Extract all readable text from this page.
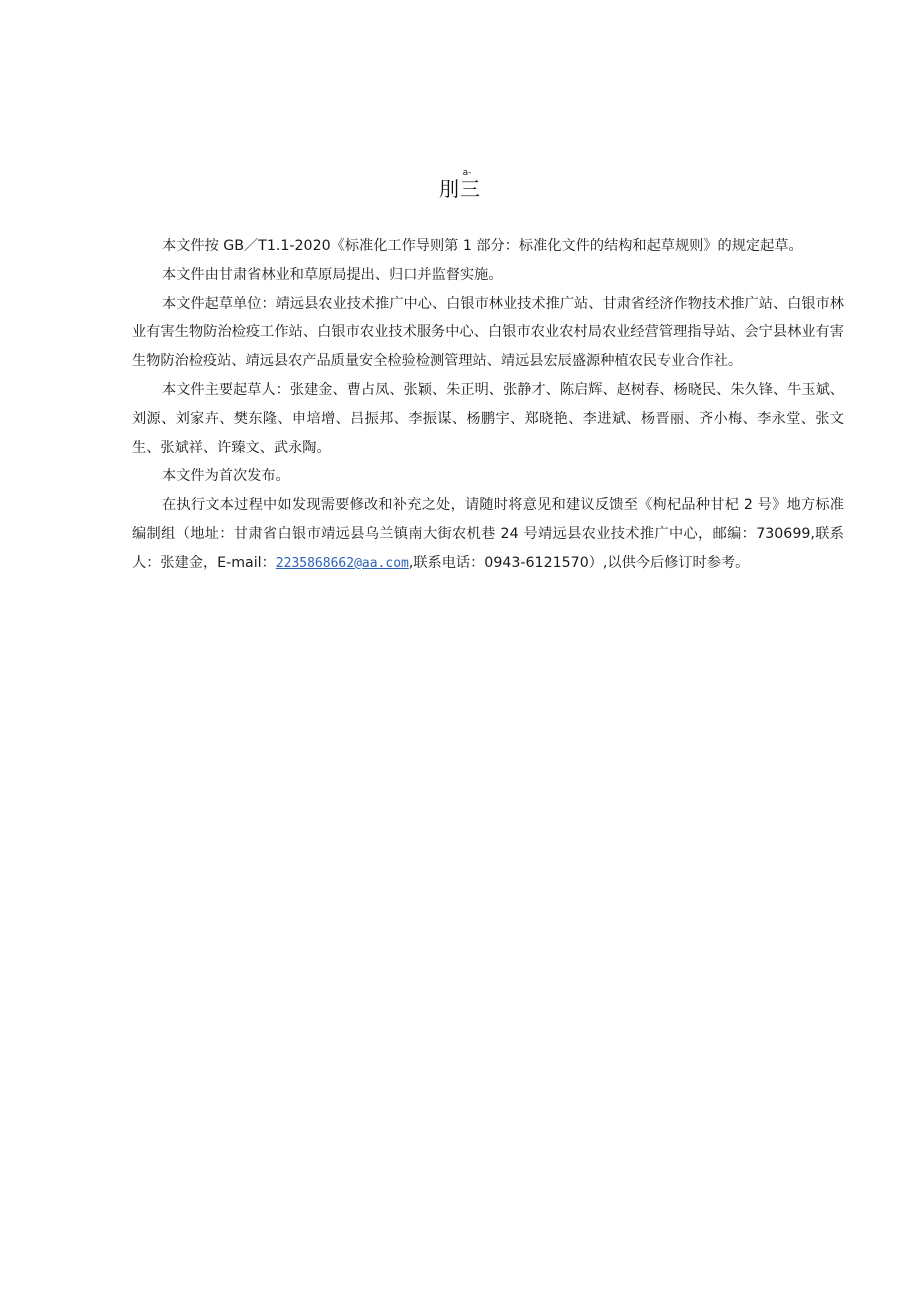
a-
刖三

本文件按 GB／T1.1-2020《标准化工作导则第 1 部分：标准化文件的结构和起草规则》的规定起草。

本文件由甘肃省林业和草原局提出、归口并监督实施。

本文件起草单位：靖远县农业技术推广中心、白银市林业技术推广站、甘肃省经济作物技术推广站、白银市林业有害生物防治检疫工作站、白银市农业技术服务中心、白银市农业农村局农业经营管理指导站、会宁县林业有害生物防治检疫站、靖远县农产品质量安全检验检测管理站、靖远县宏辰盛源种植农民专业合作社。

本文件主要起草人：张建金、曹占凤、张颖、朱正明、张静才、陈启辉、赵树春、杨晓民、朱久锋、牛玉斌、刘源、刘家卉、樊东隆、申培增、吕振邦、李振谋、杨鹏宇、郑晓艳、李进斌、杨晋丽、齐小梅、李永堂、张文生、张斌祥、许臻文、武永陶。

本文件为首次发布。

在执行文本过程中如发现需要修改和补充之处，请随时将意见和建议反馈至《枸杞品种甘杞 2 号》地方标准编制组（地址：甘肃省白银市靖远县乌兰镇南大街农机巷 24 号靖远县农业技术推广中心，邮编：730699,联系人：张建金，E-mail：2235868662@aa.com,联系电话：0943-6121570）,以供今后修订时参考。
